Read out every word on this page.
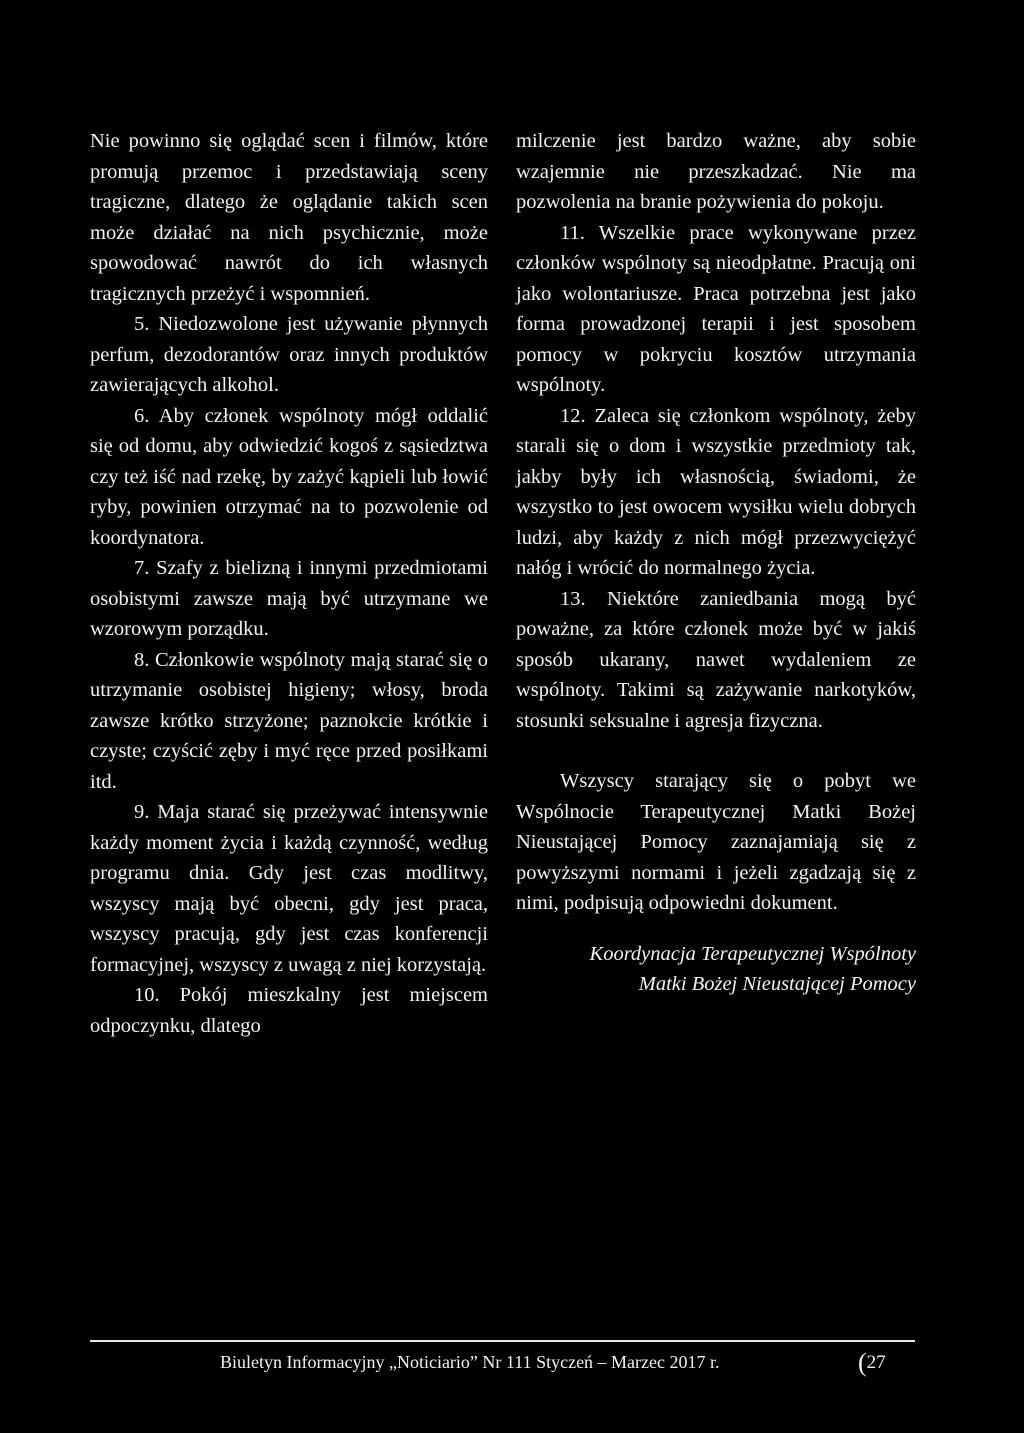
Nie powinno się oglądać scen i filmów, które promują przemoc i przedstawiają sceny tragiczne, dlatego że oglądanie takich scen może działać na nich psychicznie, może spowodować nawrót do ich własnych tragicznych przeżyć i wspomnień.

5. Niedozwolone jest używanie płynnych perfum, dezodorantów oraz innych produktów zawierających alkohol.

6. Aby członek wspólnoty mógł oddalić się od domu, aby odwiedzić kogoś z sąsiedztwa czy też iść nad rzekę, by zażyć kąpieli lub łowić ryby, powinien otrzymać na to pozwolenie od koordynatora.

7. Szafy z bielizną i innymi przedmiotami osobistymi zawsze mają być utrzymane we wzorowym porządku.

8. Członkowie wspólnoty mają starać się o utrzymanie osobistej higieny; włosy, broda zawsze krótko strzyżone; paznokcie krótkie i czyste; czyścić zęby i myć ręce przed posiłkami itd.

9. Maja starać się przeżywać intensywnie każdy moment życia i każdą czynność, według programu dnia. Gdy jest czas modlitwy, wszyscy mają być obecni, gdy jest praca, wszyscy pracują, gdy jest czas konferencji formacyjnej, wszyscy z uwagą z niej korzystają.

10. Pokój mieszkalny jest miejscem odpoczynku, dlatego

milczenie jest bardzo ważne, aby sobie wzajemnie nie przeszkadzać. Nie ma pozwolenia na branie pożywienia do pokoju.

11. Wszelkie prace wykonywane przez członków wspólnoty są nieodpłatne. Pracują oni jako wolontariusze. Praca potrzebna jest jako forma prowadzonej terapii i jest sposobem pomocy w pokryciu kosztów utrzymania wspólnoty.

12. Zaleca się członkom wspólnoty, żeby starali się o dom i wszystkie przedmioty tak, jakby były ich własnością, świadomi, że wszystko to jest owocem wysiłku wielu dobrych ludzi, aby każdy z nich mógł przezwyciężyć nałóg i wrócić do normalnego życia.

13. Niektóre zaniedbania mogą być poważne, za które członek może być w jakiś sposób ukarany, nawet wydaleniem ze wspólnoty. Takimi są zażywanie narkotyków, stosunki seksualne i agresja fizyczna.

Wszyscy starający się o pobyt we Wspólnocie Terapeutycznej Matki Bożej Nieustającej Pomocy zaznajamiają się z powyższymi normami i jeżeli zgadzają się z nimi, podpisują odpowiedni dokument.

Koordynacja Terapeutycznej Wspólnoty

Matki Bożej Nieustającej Pomocy

Biuletyn Informacyjny „Noticiario” Nr 111 Styczeń – Marzec 2017 r.	(27
